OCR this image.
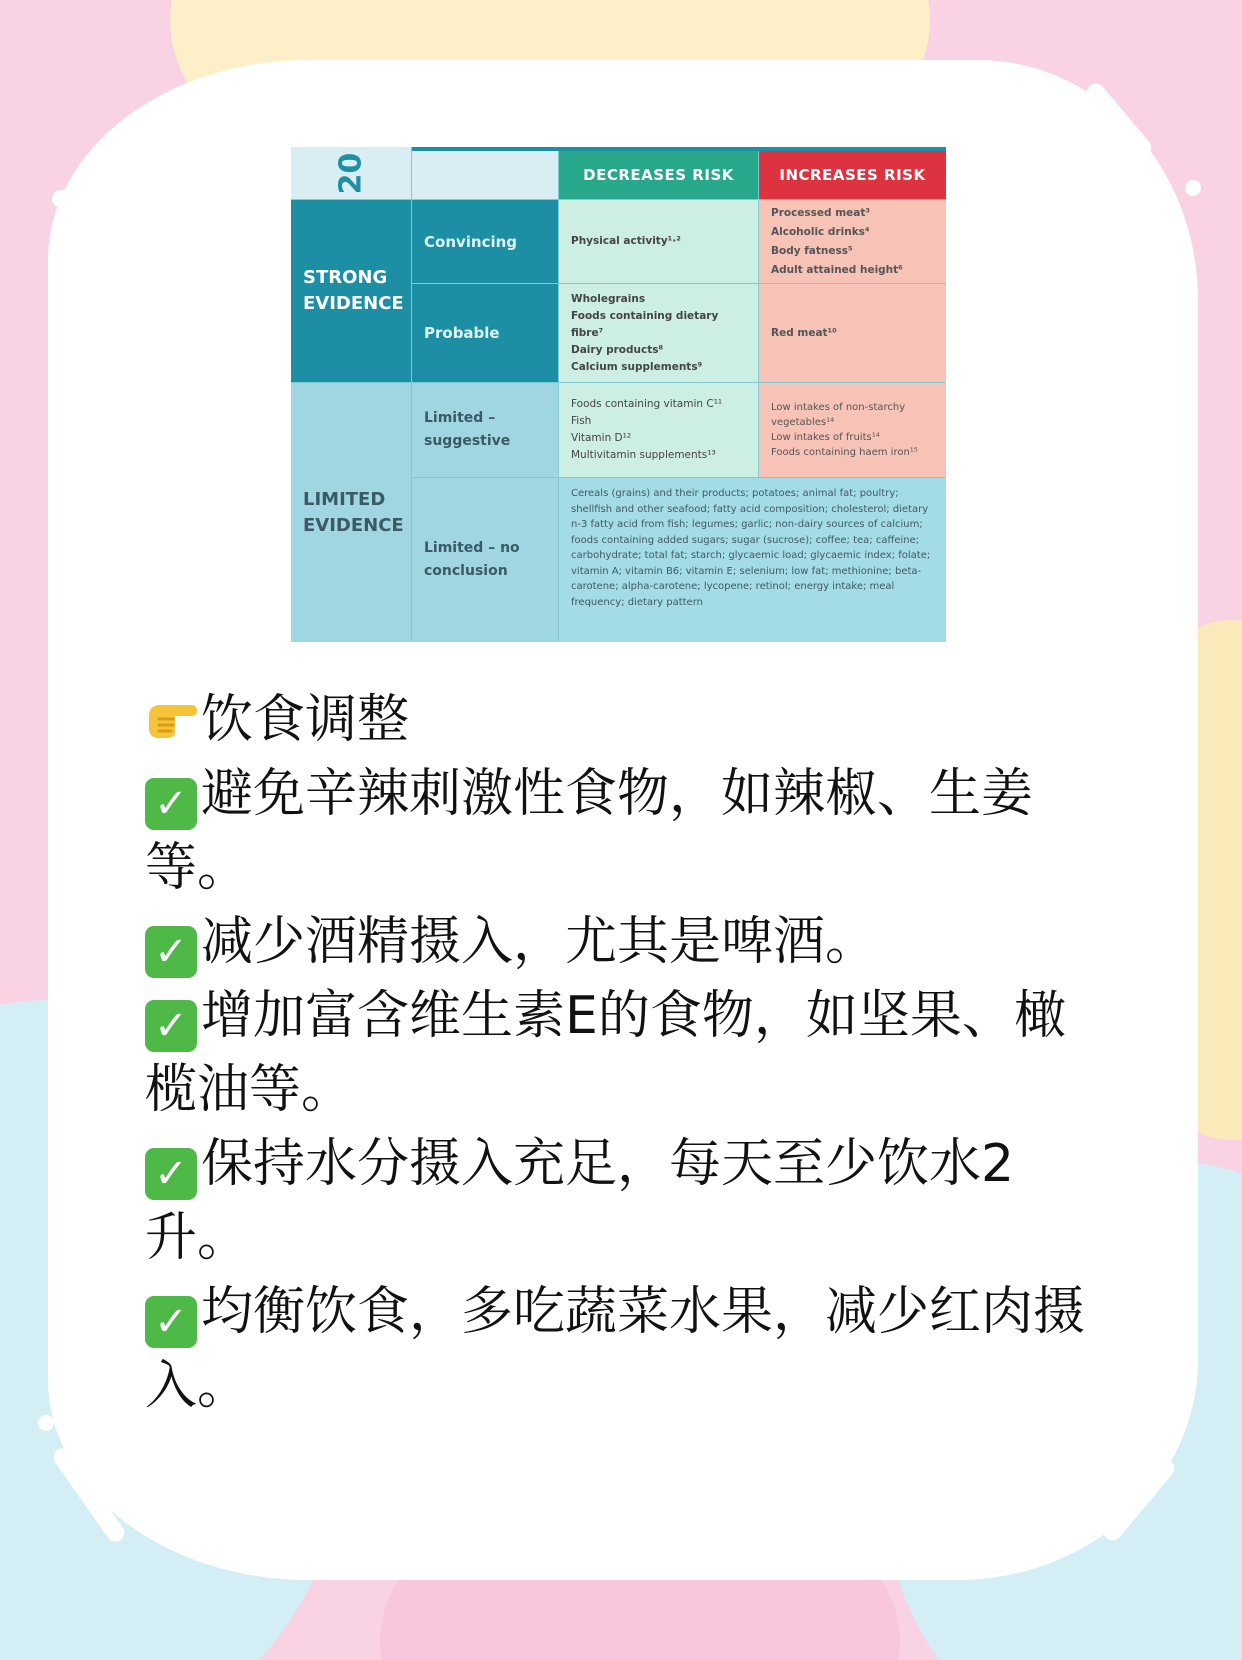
20	DECREASES RISK	INCREASES RISK
STRONG EVIDENCE
Convincing
Probable
Physical activity¹·²
Processed meat³
Alcoholic drinks⁴
Body fatness⁵
Adult attained height⁶
Wholegrains
Foods containing dietary fibre⁷
Dairy products⁸
Calcium supplements⁹
Red meat¹⁰
LIMITED EVIDENCE
Limited – suggestive
Limited – no conclusion
Foods containing vitamin C¹¹
Fish
Vitamin D¹²
Multivitamin supplements¹³
Low intakes of non-starchy vegetables¹⁴
Low intakes of fruits¹⁴
Foods containing haem iron¹⁵
Cereals (grains) and their products; potatoes; animal fat; poultry; shellfish and other seafood; fatty acid composition; cholesterol; dietary n-3 fatty acid from fish; legumes; garlic; non-dairy sources of calcium; foods containing added sugars; sugar (sucrose); coffee; tea; caffeine; carbohydrate; total fat; starch; glycaemic load; glycaemic index; folate; vitamin A; vitamin B6; vitamin E; selenium; low fat; methionine; beta-carotene; alpha-carotene; lycopene; retinol; energy intake; meal frequency; dietary pattern

饮食调整

✓ 避免辛辣刺激性食物，如辣椒、生姜等。

✓ 减少酒精摄入，尤其是啤酒。

✓ 增加富含维生素E的食物，如坚果、橄榄油等。

✓ 保持水分摄入充足，每天至少饮水2升。

✓ 均衡饮食，多吃蔬菜水果，减少红肉摄入。
